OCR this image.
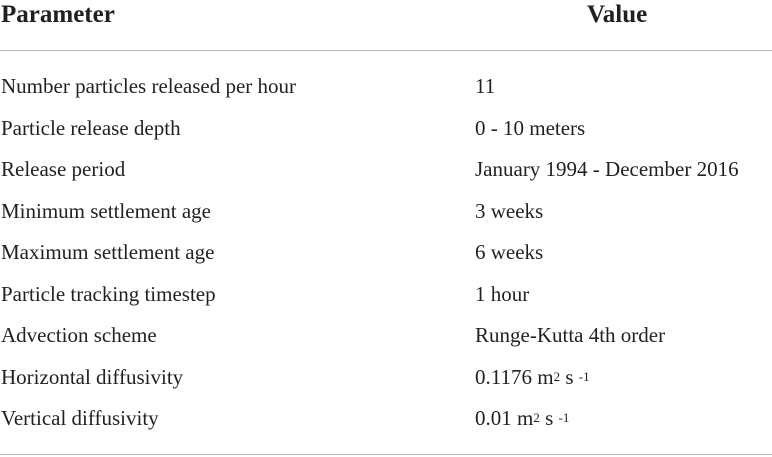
Parameter	Value
Number particles released per hour	11
Particle release depth	0 - 10 meters
Release period	January 1994 - December 2016
Minimum settlement age	3 weeks
Maximum settlement age	6 weeks
Particle tracking timestep	1 hour
Advection scheme	Runge-Kutta 4th order
Horizontal diffusivity	0.1176 $m^2$ s $^{-1}$
Vertical diffusivity	0.01 $m^2$ s $^{-1}$
